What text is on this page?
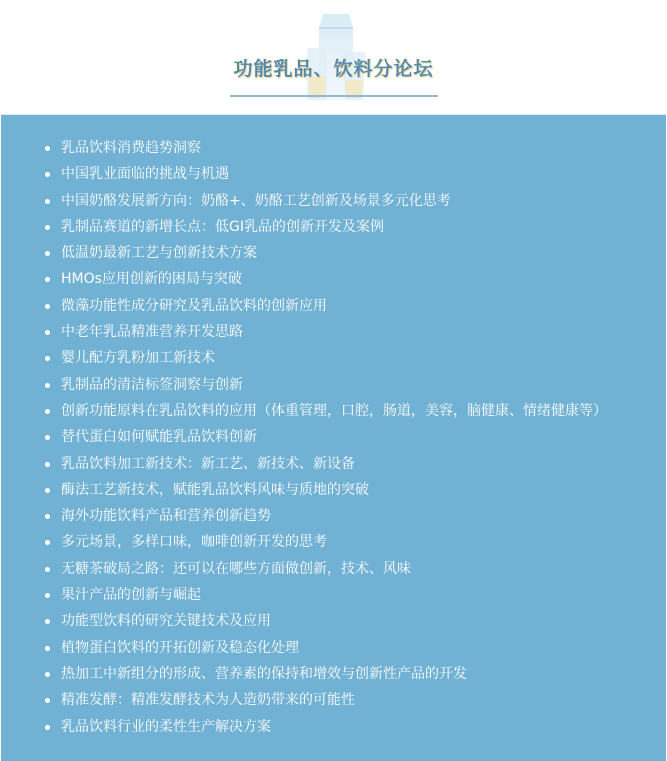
功能乳品、饮料分论坛
乳品饮料消费趋势洞察
中国乳业面临的挑战与机遇
中国奶酪发展新方向：奶酪+、奶酪工艺创新及场景多元化思考
乳制品赛道的新增长点：低GI乳品的创新开发及案例
低温奶最新工艺与创新技术方案
HMOs应用创新的困局与突破
微藻功能性成分研究及乳品饮料的创新应用
中老年乳品精准营养开发思路
婴儿配方乳粉加工新技术
乳制品的清洁标签洞察与创新
创新功能原料在乳品饮料的应用（体重管理，口腔，肠道，美容，脑健康、情绪健康等）
替代蛋白如何赋能乳品饮料创新
乳品饮料加工新技术：新工艺、新技术、新设备
酶法工艺新技术，赋能乳品饮料风味与质地的突破
海外功能饮料产品和营养创新趋势
多元场景，多样口味，咖啡创新开发的思考
无糖茶破局之路：还可以在哪些方面做创新，技术、风味
果汁产品的创新与崛起
功能型饮料的研究关键技术及应用
植物蛋白饮料的开拓创新及稳态化处理
热加工中新组分的形成、营养素的保持和增效与创新性产品的开发
精准发酵：精准发酵技术为人造奶带来的可能性
乳品饮料行业的柔性生产解决方案
